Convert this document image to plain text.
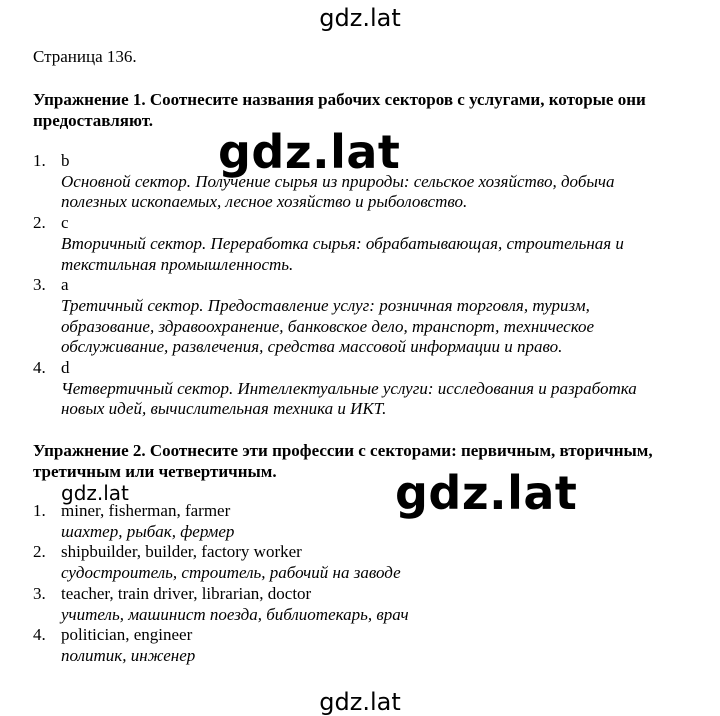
gdz.lat
Страница 136.
Упражнение 1. Соотнесите названия рабочих секторов с услугами, которые они предоставляют.
1. b
Основной сектор. Получение сырья из природы: сельское хозяйство, добыча полезных ископаемых, лесное хозяйство и рыболовство.
2. c
Вторичный сектор. Переработка сырья: обрабатывающая, строительная и текстильная промышленность.
3. a
Третичный сектор. Предоставление услуг: розничная торговля, туризм, образование, здравоохранение, банковское дело, транспорт, техническое обслуживание, развлечения, средства массовой информации и право.
4. d
Четвертичный сектор. Интеллектуальные услуги: исследования и разработка новых идей, вычислительная техника и ИКТ.
Упражнение 2. Соотнесите эти профессии с секторами: первичным, вторичным, третичным или четвертичным.
1. miner, fisherman, farmer
шахтер, рыбак, фермер
2. shipbuilder, builder, factory worker
судостроитель, строитель, рабочий на заводе
3. teacher, train driver, librarian, doctor
учитель, машинист поезда, библиотекарь, врач
4. politician, engineer
политик, инженер
gdz.lat
gdz.lat
gdz.lat
gdz.lat
